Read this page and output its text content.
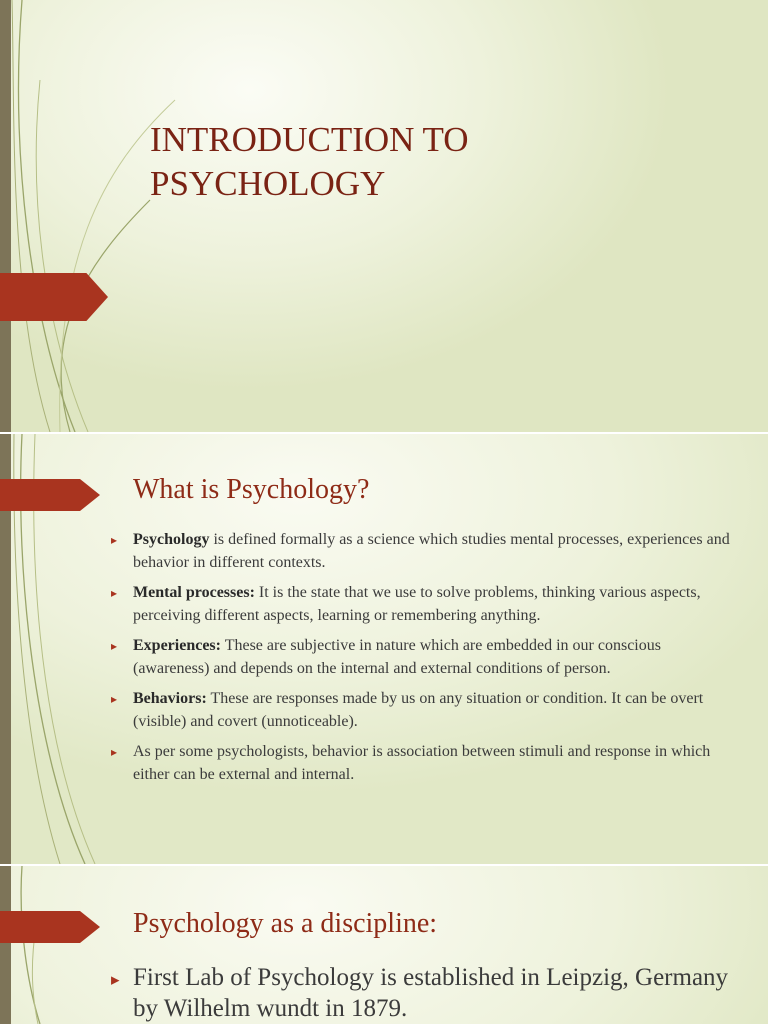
INTRODUCTION TO
PSYCHOLOGY
What is Psychology?
▸ Psychology is defined formally as a science which studies mental processes, experiences and behavior in different contexts.
▸ Mental processes: It is the state that we use to solve problems, thinking various aspects, perceiving different aspects, learning or remembering anything.
▸ Experiences: These are subjective in nature which are embedded in our conscious (awareness) and depends on the internal and external conditions of person.
▸ Behaviors: These are responses made by us on any situation or condition. It can be overt (visible) and covert (unnoticeable).
▸ As per some psychologists, behavior is association between stimuli and response in which either can be external and internal.
Psychology as a discipline:
▸ First Lab of Psychology is established in Leipzig, Germany by Wilhelm wundt in 1879.
